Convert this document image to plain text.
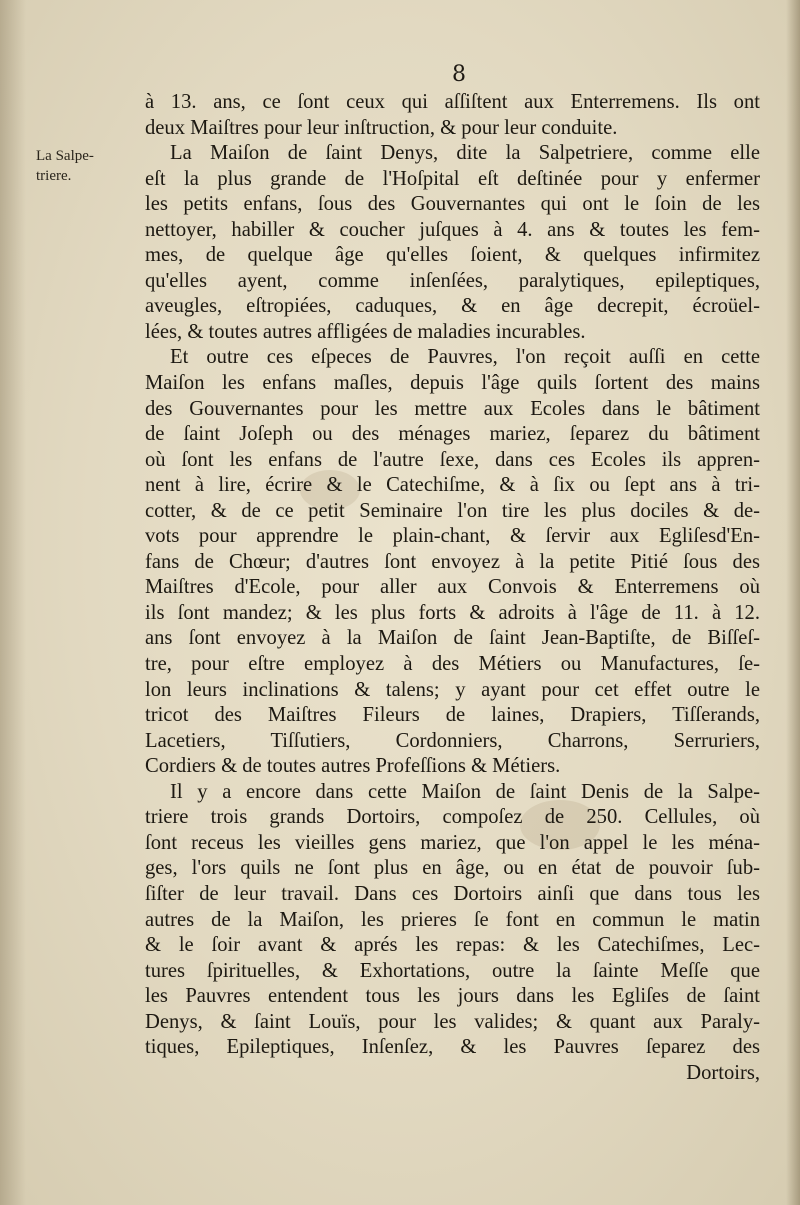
8
La Salpe-
triere.
à 13. ans, ce ſont ceux qui aſſiſtent aux Enterremens. Ils ont
deux Maiſtres pour leur inſtruction, & pour leur conduite.
La Maiſon de ſaint Denys, dite la Salpetriere, comme elle
eſt la plus grande de l'Hoſpital eſt deſtinée pour y enfermer
les petits enfans, ſous des Gouvernantes qui ont le ſoin de les
nettoyer, habiller & coucher juſques à 4. ans & toutes les fem-
mes, de quelque âge qu'elles ſoient, & quelques infirmitez
qu'elles ayent, comme inſenſées, paralytiques, epileptiques,
aveugles, eſtropiées, caduques, & en âge decrepit, écroüel-
lées, & toutes autres affligées de maladies incurables.
Et outre ces eſpeces de Pauvres, l'on reçoit auſſi en cette
Maiſon les enfans maſles, depuis l'âge quils ſortent des mains
des Gouvernantes pour les mettre aux Ecoles dans le bâtiment
de ſaint Joſeph ou des ménages mariez, ſeparez du bâtiment
où ſont les enfans de l'autre ſexe, dans ces Ecoles ils appren-
nent à lire, écrire & le Catechiſme, & à ſix ou ſept ans à tri-
cotter, & de ce petit Seminaire l'on tire les plus dociles & de-
vots pour apprendre le plain-chant, & ſervir aux Egliſesd'En-
fans de Chœur; d'autres ſont envoyez à la petite Pitié ſous des
Maiſtres d'Ecole, pour aller aux Convois & Enterremens où
ils ſont mandez; & les plus forts & adroits à l'âge de 11. à 12.
ans ſont envoyez à la Maiſon de ſaint Jean-Baptiſte, de Biſſeſ-
tre, pour eſtre employez à des Métiers ou Manufactures, ſe-
lon leurs inclinations & talens; y ayant pour cet effet outre le
tricot des Maiſtres Fileurs de laines, Drapiers, Tiſſerands,
Lacetiers, Tiſſutiers, Cordonniers, Charrons, Serruriers,
Cordiers & de toutes autres Profeſſions & Métiers.
Il y a encore dans cette Maiſon de ſaint Denis de la Salpe-
triere trois grands Dortoirs, compoſez de 250. Cellules, où
ſont receus les vieilles gens mariez, que l'on appel le les ména-
ges, l'ors quils ne ſont plus en âge, ou en état de pouvoir ſub-
ſiſter de leur travail. Dans ces Dortoirs ainſi que dans tous les
autres de la Maiſon, les prieres ſe font en commun le matin
& le ſoir avant & aprés les repas: & les Catechiſmes, Lec-
tures ſpirituelles, & Exhortations, outre la ſainte Meſſe que
les Pauvres entendent tous les jours dans les Egliſes de ſaint
Denys, & ſaint Louïs, pour les valides; & quant aux Paraly-
tiques, Epileptiques, Inſenſez, & les Pauvres ſeparez des
Dortoirs,
